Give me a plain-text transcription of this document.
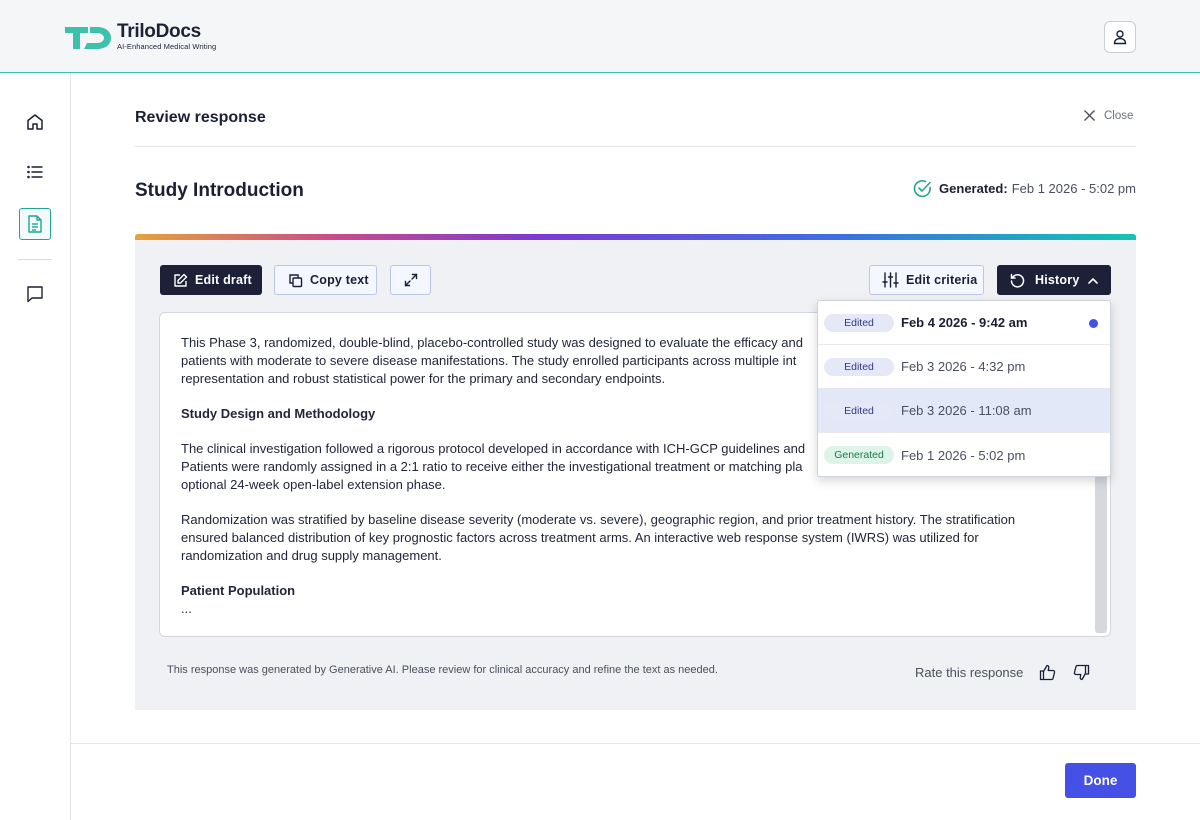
TriloDocs
AI-Enhanced Medical Writing
Review response	Close
Study Introduction	Generated: Feb 1 2026 - 5:02 pm
Edit draft	Copy text	Edit criteria	History

This Phase 3, randomized, double-blind, placebo-controlled study was designed to evaluate the efficacy and
patients with moderate to severe disease manifestations. The study enrolled participants across multiple int
representation and robust statistical power for the primary and secondary endpoints.

Study Design and Methodology

The clinical investigation followed a rigorous protocol developed in accordance with ICH-GCP guidelines and
Patients were randomly assigned in a 2:1 ratio to receive either the investigational treatment or matching pla
optional 24-week open-label extension phase.

Randomization was stratified by baseline disease severity (moderate vs. severe), geographic region, and prior treatment history. The stratification
ensured balanced distribution of key prognostic factors across treatment arms. An interactive web response system (IWRS) was utilized for
randomization and drug supply management.

Patient Population

...

This response was generated by Generative AI. Please review for clinical accuracy and refine the text as needed.	Rate this response
Edited	Feb 4 2026 - 9:42 am
Edited	Feb 3 2026 - 4:32 pm
Edited	Feb 3 2026 - 11:08 am
Generated	Feb 1 2026 - 5:02 pm
Done
